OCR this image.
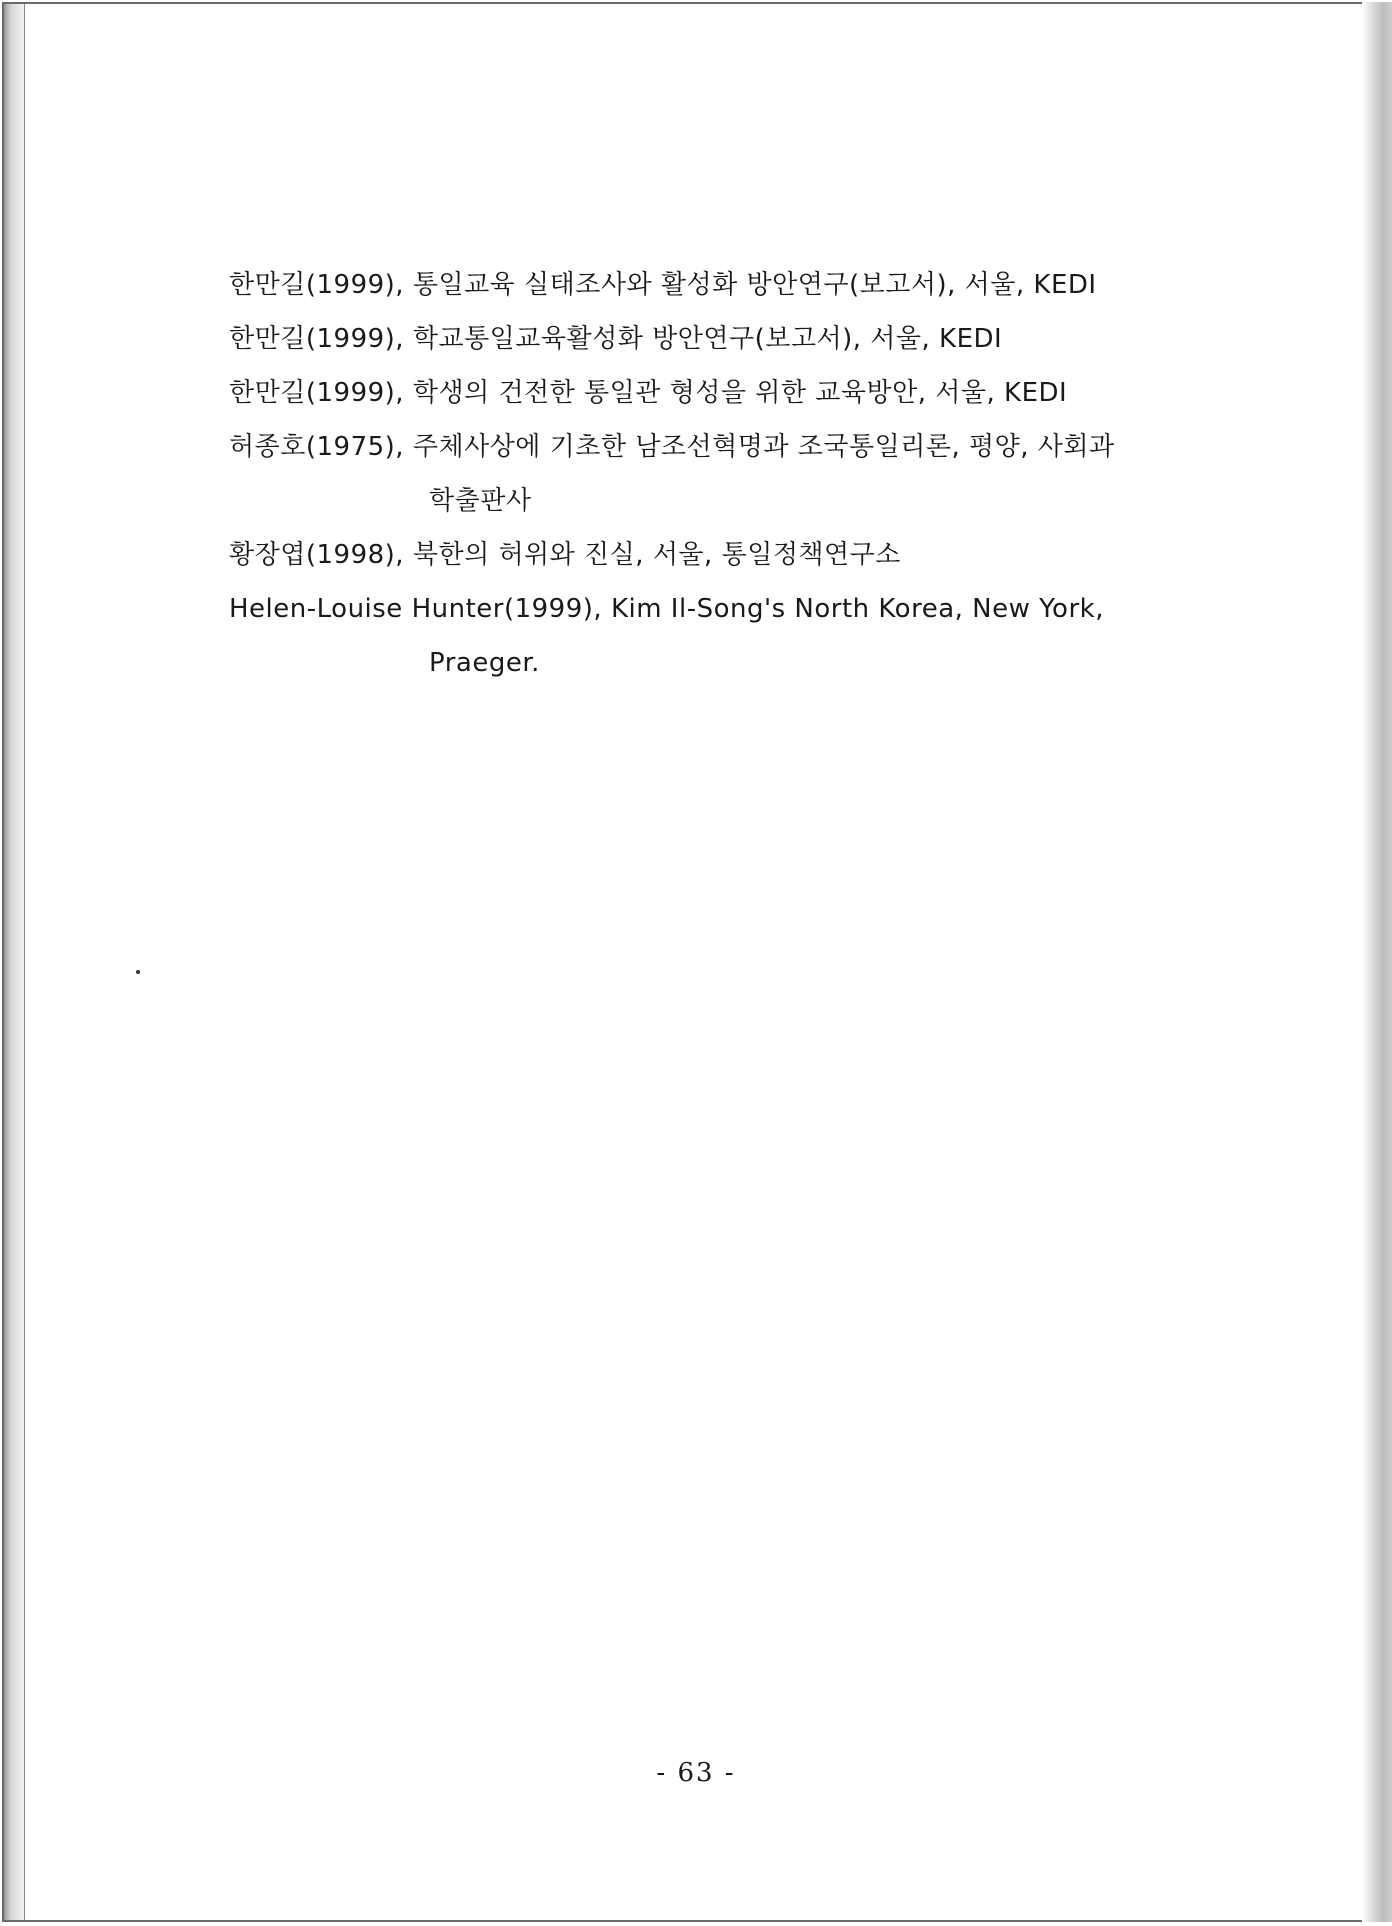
한만길(1999), 통일교육 실태조사와 활성화 방안연구(보고서), 서울, KEDI

한만길(1999), 학교통일교육활성화 방안연구(보고서), 서울, KEDI

한만길(1999), 학생의 건전한 통일관 형성을 위한 교육방안, 서울, KEDI

허종호(1975), 주체사상에 기초한 남조선혁명과 조국통일리론, 평양, 사회과
학출판사

황장엽(1998), 북한의 허위와 진실, 서울, 통일정책연구소

Helen-Louise Hunter(1999), Kim Il-Song's North Korea, New York,
Praeger.

- 63 -
